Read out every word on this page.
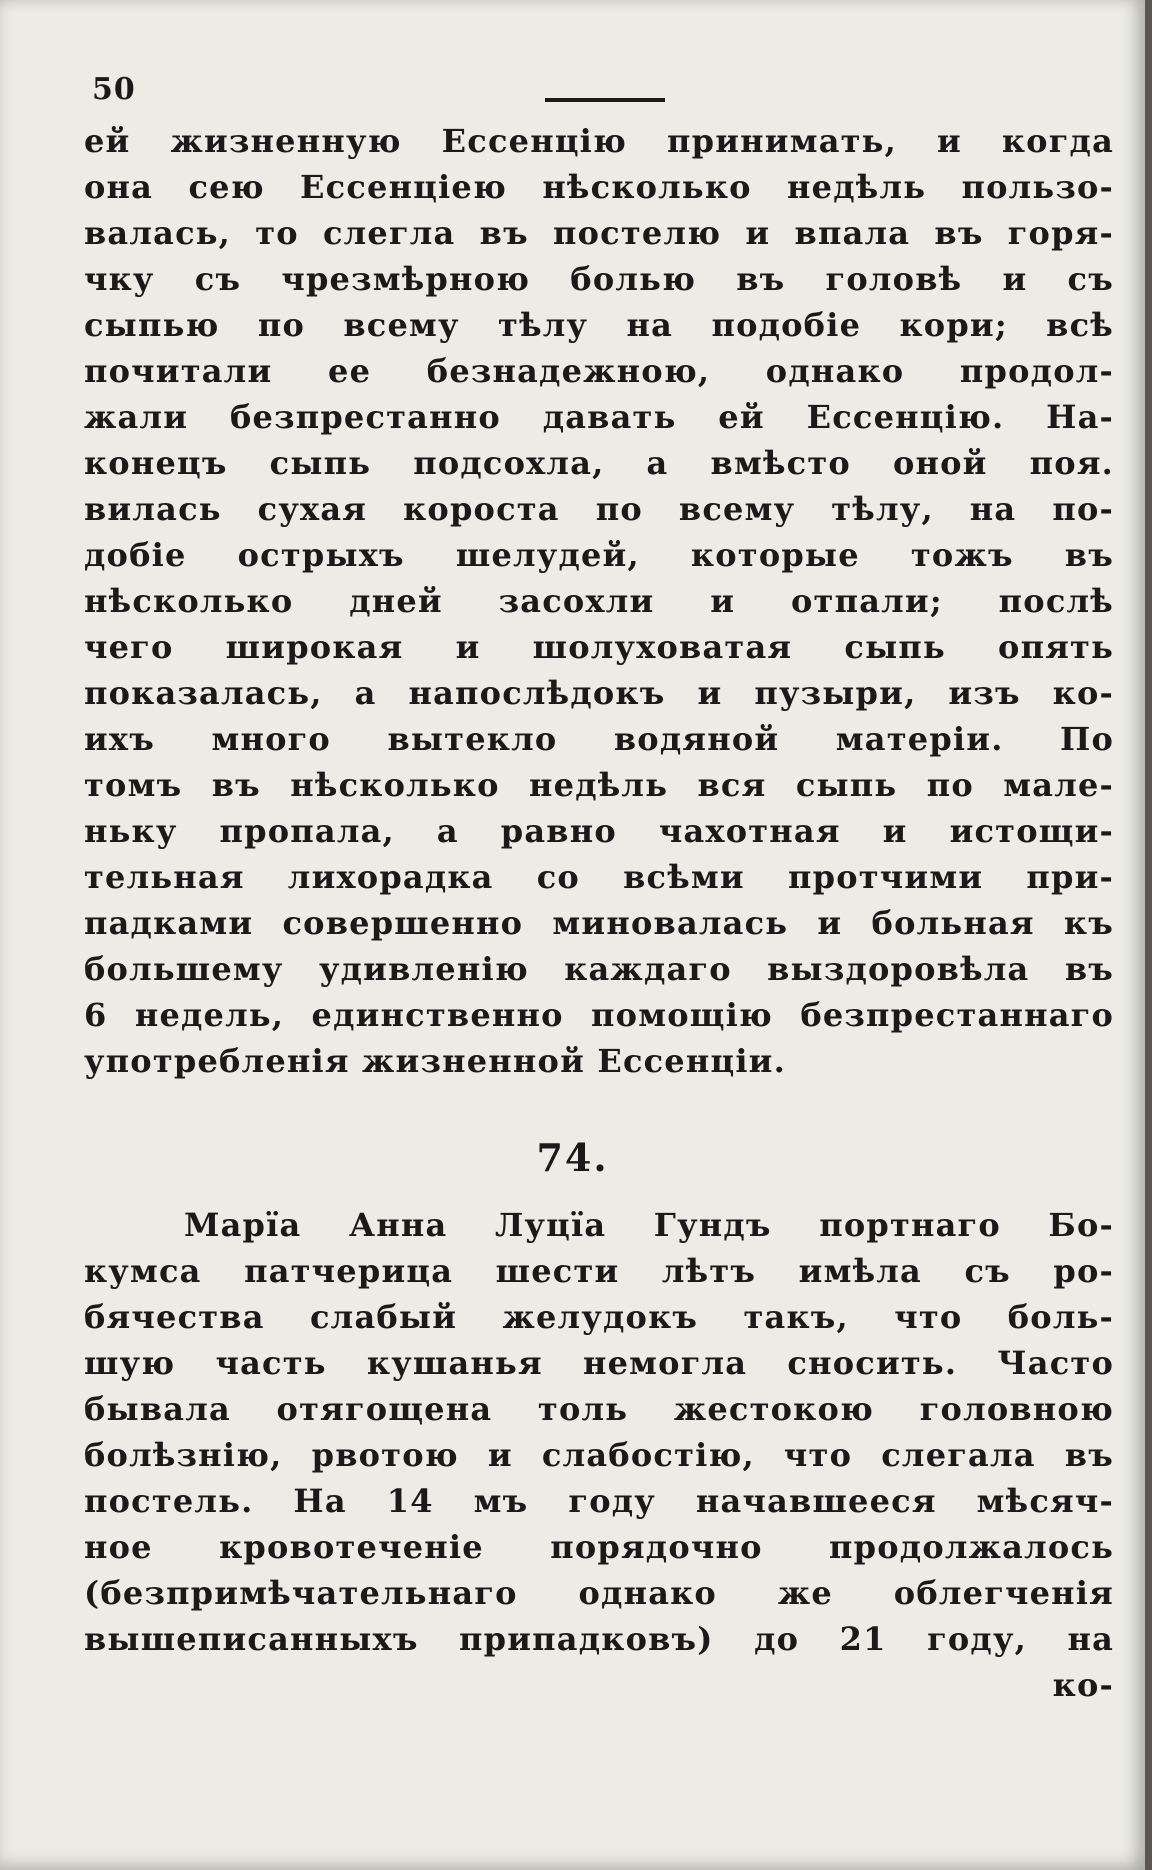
50
ей жизненную Ессенцію принимать, и когда
она сею Ессенціею нѣсколько недѣль пользо-
валась, то слегла въ постелю и впала въ горя-
чку съ чрезмѣрною болью въ головѣ и съ
сыпью по всему тѣлу на подобіе кори; всѣ
почитали ее безнадежною, однако продол-
жали безпрестанно давать ей Ессенцію. На-
конецъ сыпь подсохла, а вмѣсто оной поя.
вилась сухая короста по всему тѣлу, на по-
добіе острыхъ шелудей, которые тожъ въ
нѣсколько дней засохли и отпали; послѣ
чего широкая и шолуховатая сыпь опять
показалась, а напослѣдокъ и пузыри, изъ ко-
ихъ много вытекло водяной матеріи. По
томъ въ нѣсколько недѣль вся сыпь по мале-
ньку пропала, а равно чахотная и истощи-
тельная лихорадка со всѣми протчими при-
падками совершенно миновалась и больная къ
большему удивленію каждаго выздоровѣла въ
6 недель, единственно помощію безпрестаннаго
употребленія жизненной Ессенціи.
74.
Марїа Анна Луцїа Гундъ портнаго Бо-
кумса патчерица шести лѣтъ имѣла съ ро-
бячества слабый желудокъ такъ, что боль-
шую часть кушанья немогла сносить. Часто
бывала отягощена толь жестокою головною
болѣзнію, рвотою и слабостію, что слегала въ
постель. На 14 мъ году начавшееся мѣсяч-
ное кровотеченіе порядочно продолжалось
(безпримѣчательнаго однако же облегченія
вышеписанныхъ припадковъ) до 21 году, на
ко-
